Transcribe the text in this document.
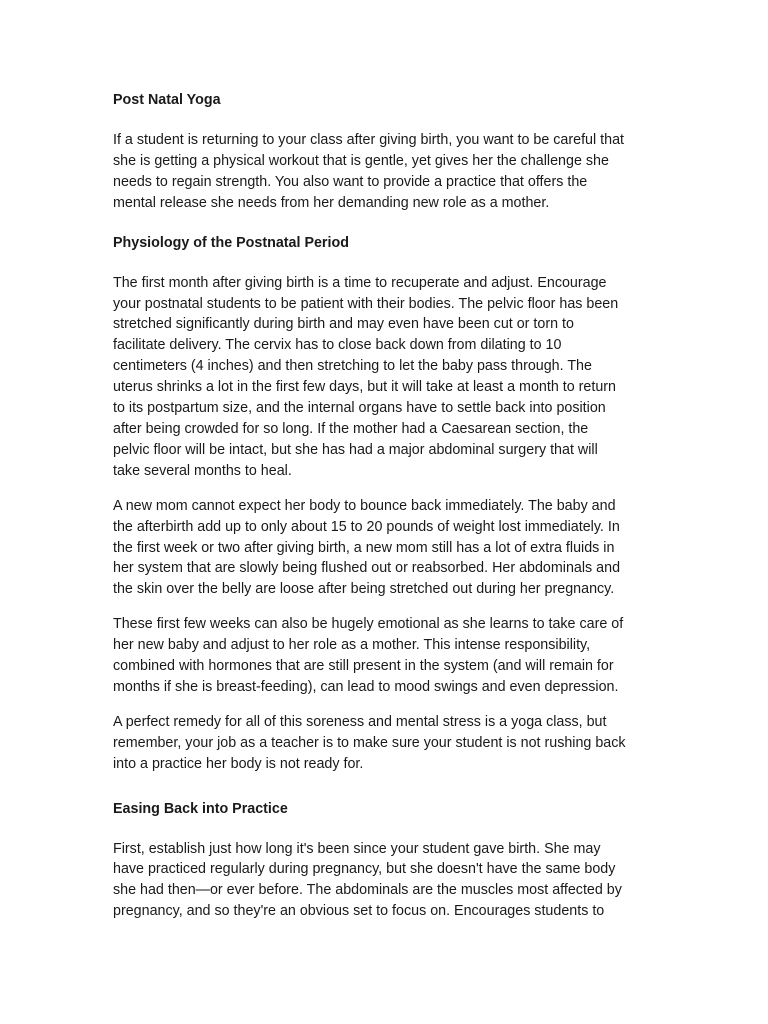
Post Natal Yoga

If a student is returning to your class after giving birth, you want to be careful that
she is getting a physical workout that is gentle, yet gives her the challenge she
needs to regain strength. You also want to provide a practice that offers the
mental release she needs from her demanding new role as a mother.

Physiology of the Postnatal Period

The first month after giving birth is a time to recuperate and adjust. Encourage
your postnatal students to be patient with their bodies. The pelvic floor has been
stretched significantly during birth and may even have been cut or torn to
facilitate delivery. The cervix has to close back down from dilating to 10
centimeters (4 inches) and then stretching to let the baby pass through. The
uterus shrinks a lot in the first few days, but it will take at least a month to return
to its postpartum size, and the internal organs have to settle back into position
after being crowded for so long. If the mother had a Caesarean section, the
pelvic floor will be intact, but she has had a major abdominal surgery that will
take several months to heal.

A new mom cannot expect her body to bounce back immediately. The baby and
the afterbirth add up to only about 15 to 20 pounds of weight lost immediately. In
the first week or two after giving birth, a new mom still has a lot of extra fluids in
her system that are slowly being flushed out or reabsorbed. Her abdominals and
the skin over the belly are loose after being stretched out during her pregnancy.

These first few weeks can also be hugely emotional as she learns to take care of
her new baby and adjust to her role as a mother. This intense responsibility,
combined with hormones that are still present in the system (and will remain for
months if she is breast-feeding), can lead to mood swings and even depression.

A perfect remedy for all of this soreness and mental stress is a yoga class, but
remember, your job as a teacher is to make sure your student is not rushing back
into a practice her body is not ready for.

Easing Back into Practice

First, establish just how long it's been since your student gave birth. She may
have practiced regularly during pregnancy, but she doesn't have the same body
she had then—or ever before. The abdominals are the muscles most affected by
pregnancy, and so they're an obvious set to focus on. Encourages students to
